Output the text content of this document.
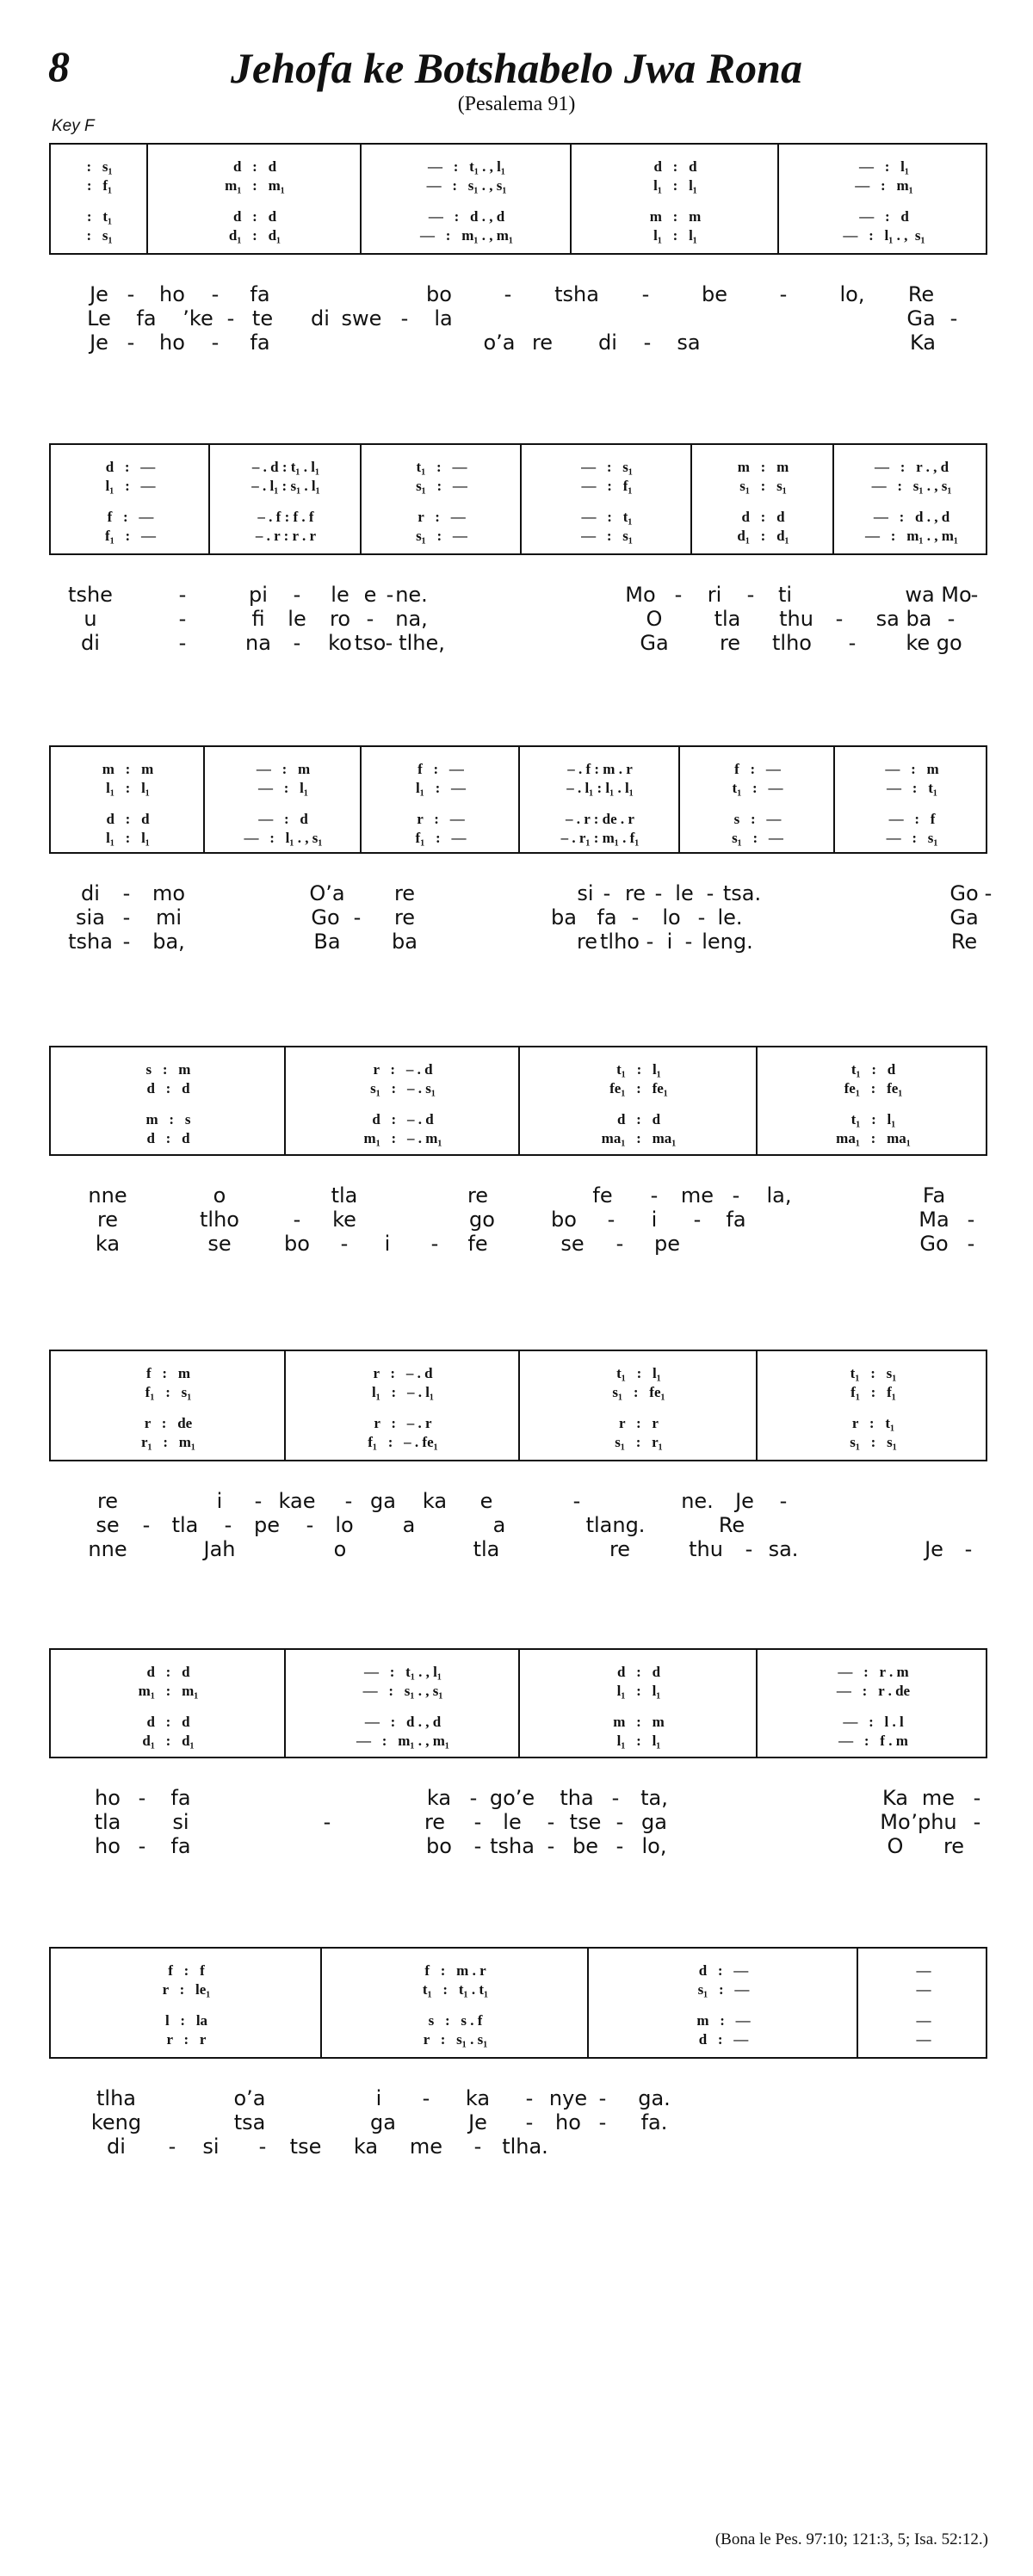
8	Jehofa ke Botshabelo Jwa Rona
(Pesalema 91)
Key F
:   s₁	d   :   d	—   :   t₁ . , l₁	d   :   d	—   :   l₁
:   f₁	m₁   :   m₁	—   :   s₁ . , s₁	l₁   :   l₁	—   :   m₁
:   t₁	d   :   d	—   :   d . , d	m   :   m	—   :   d
:   s₁	d₁   :   d₁	—   :   m₁ . , m₁	l₁   :   l₁	—   :   l₁ . ,  s₁
Je - ho - fa	bo	- tsha -	be	-	lo, Re
Le fa ’ke - te di swe - la	Ga -
Je - ho - fa	o’a re di - sa	Ka
d   :   —	– . d : t₁ . l₁	t₁   :   —	—   :   s₁	m   :   m	—   :   r . , d
l₁   :   —	– . l₁ : s₁ . l₁	s₁   :   —	—   :   f₁	s₁   :   s₁	—   :   s₁ . , s₁
f   :   —	– . f : f . f	r   :   —	—   :   t₁	d   :   d	—   :   d . , d
f₁   :   —	– . r : r . r	s₁   :   —	—   :   s₁	d₁   :   d₁	—   :   m₁ . , m₁
tshe	-	pi - le e - ne.	Mo - ri - ti	wa Mo
-
u	-	fi le ro - na,	O	tla thu - sa ba -
di	-	na - ko tso - tlhe,	Ga re tlho - ke go
m   :   m	—   :   m	f   :   —	– . f : m . r	f   :   —	—   :   m
l₁   :   l₁	—   :   l₁	l₁   :   —	– . l₁ : l₁ . l₁	t₁   :   —	—   :   t₁
d   :   d	—   :   d	r   :   —	– . r : de . r	s   :   —	—   :   f
l₁   :   l₁	—   :   l₁ . , s₁	f₁   :   —	– . r₁ : m₁ . f₁	s₁   :   —	—   :   s₁
di - mo	O’a re	si - re - le - tsa.	Go -
sia - mi	Go - re	ba fa - lo - le.	Ga
tsha - ba,	Ba ba	re tlho - i - leng.	Re
s   :   m	r   :   – . d	t₁   :   l₁	t₁   :   d
d   :   d	s₁   :   – . s₁	fe₁   :   fe₁	fe₁   :   fe₁
m   :   s	d   :   – . d	d   :   d	t₁   :   l₁
d   :   d	m₁   :   – . m₁	ma₁   :   ma₁	ma₁   :   ma₁
nne	o	tla	re	fe - me - la,	Fa
re	tlho	- ke	go	bo - i - fa	Ma -
ka	se	bo - i - fe	se - pe	Go -
f   :   m	r   :   – . d	t₁   :   l₁	t₁   :   s₁
f₁   :   s₁	l₁   :   – . l₁	s₁   :   fe₁	f₁   :   f₁
r   :   de	r   :   – . r	r   :   r	r   :   t₁
r₁   :   m₁	f₁   :   – . fe₁	s₁   :   r₁	s₁   :   s₁
re	i - kae - ga ka e	-	ne. Je -
se - tla - pe - lo a	a	tlang.	Re
nne	Jah	o	tla	re	thu - sa.	Je -
d   :   d	—   :   t₁ . , l₁	d   :   d	—   :   r . m
m₁   :   m₁	—   :   s₁ . , s₁	l₁   :   l₁	—   :   r . de
d   :   d	—   :   d . , d	m   :   m	—   :   l . l
d₁   :   d₁	—   :   m₁ . , m₁	l₁   :   l₁	—   :   f . m
ho - fa	ka - go’e tha - ta,	Ka me -
tla	si	-	re - le - tse - ga	Mo ’phu -
ho - fa	bo - tsha - be - lo,	O re
f   :   f	f   :   m . r	d   :   —	—
r   :   le₁	t₁   :   t₁ . t₁	s₁   :   —	—
l   :   la	s   :   s . f	m   :   —	—
r   :   r	r   :   s₁ . s₁	d   :   —	—
tlha	o’a	i - ka - nye - ga.
keng	tsa	ga	Je - ho - fa.
di - si - tse ka me - tlha.
(Bona le Pes. 97:10; 121:3, 5; Isa. 52:12.)
